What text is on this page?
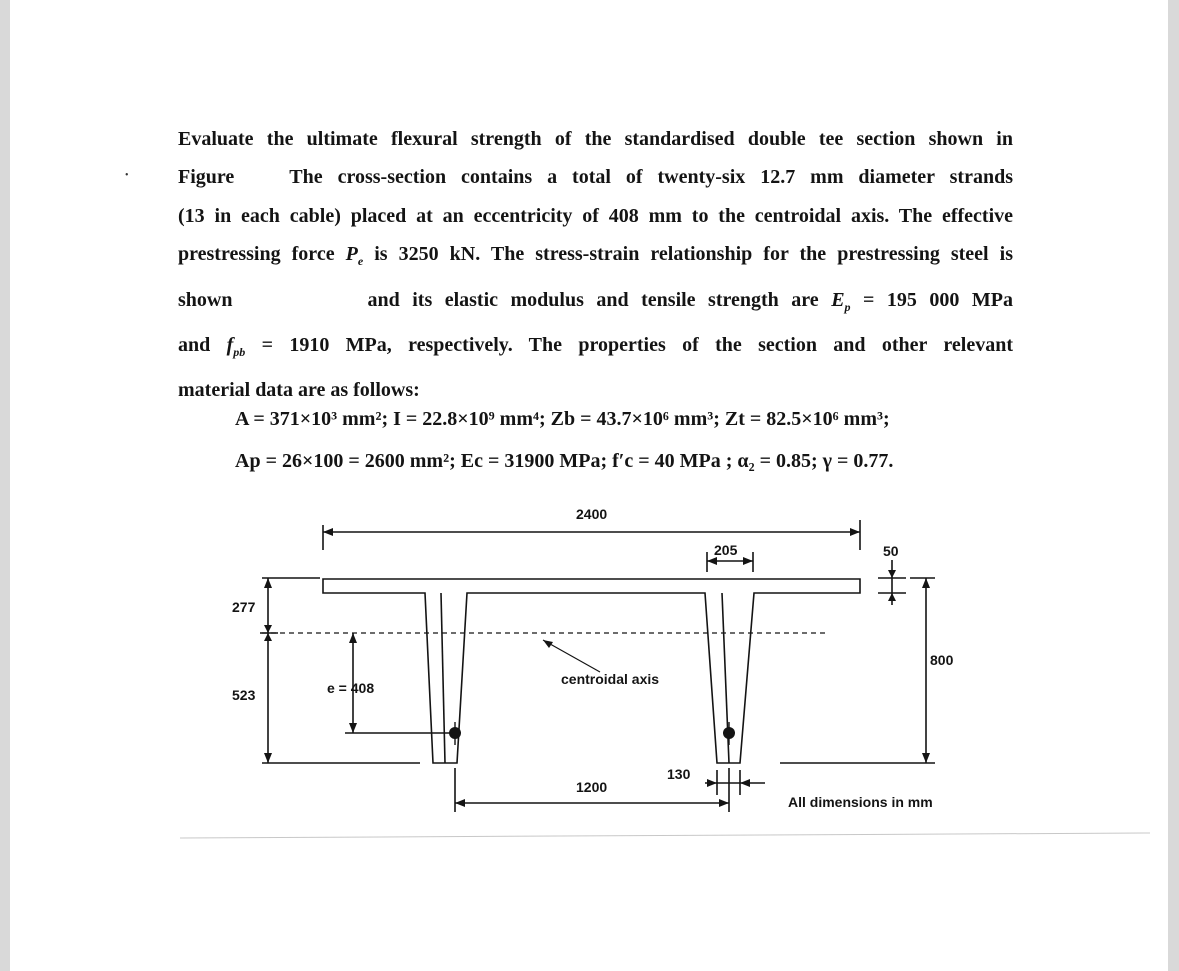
Evaluate the ultimate flexural strength of the standardised double tee section shown in
Figure	The cross-section contains a total of twenty-six 12.7 mm diameter strands
(13 in each cable) placed at an eccentricity of 408 mm to the centroidal axis. The effective
prestressing force $P_e$ is 3250 kN. The stress-strain relationship for the prestressing steel is
shown	and its elastic modulus and tensile strength are $E_p = 195$ 000 MPa
and $f_{pb} = 1910$ MPa, respectively. The properties of the section and other relevant
material data are as follows:
A = 371×10³ mm²; I = 22.8×10⁹ mm⁴; Zb = 43.7×10⁶ mm³; Zt = 82.5×10⁶ mm³;
Ap = 26×100 = 2600 mm²; Ec = 31900 MPa; f′c = 40 MPa ; α₂ = 0.85; γ = 0.77.
•
2400
205	50
277
523
800
e = 408
centroidal axis
1200
130
All dimensions in mm
